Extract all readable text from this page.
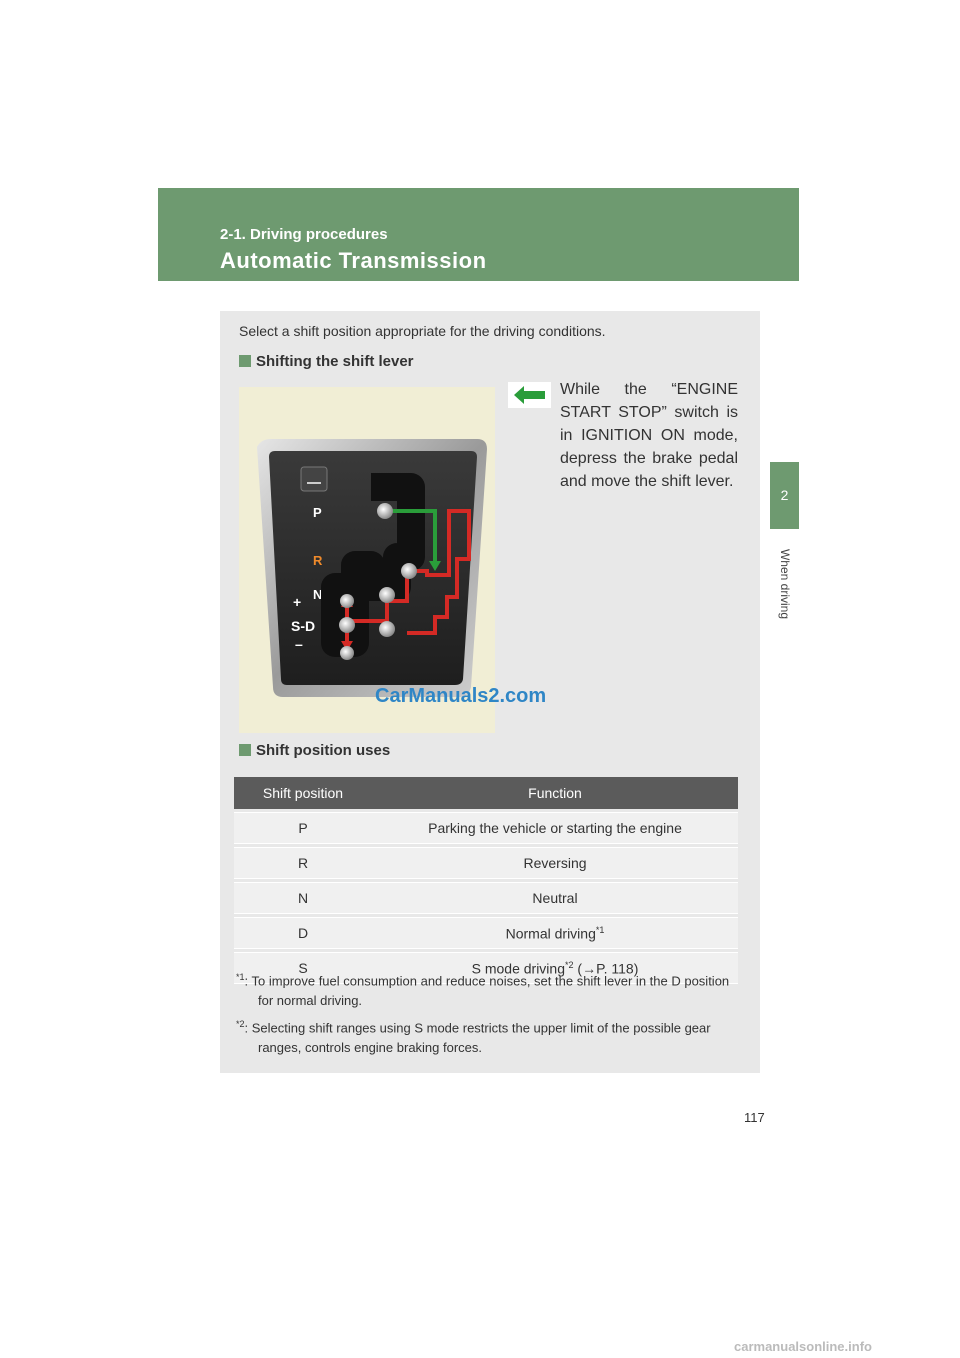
2-1. Driving procedures
Automatic Transmission
2
When driving
Select a shift position appropriate for the driving conditions.
Shifting the shift lever
P
R
N
+
S-D
–
CarManuals2.com
While the “ENGINE START STOP” switch is in IGNITION ON mode, depress the brake pedal and move the shift lever.
Shift position uses
Shift position	Function
P	Parking the vehicle or starting the engine
R	Reversing
N	Neutral
D	Normal driving$^{*1}$
S	S mode driving$^{*2}$ (→P. 118)
$^{*1}$: To improve fuel consumption and reduce noises, set the shift lever in the D position for normal driving.
$^{*2}$: Selecting shift ranges using S mode restricts the upper limit of the possible gear ranges, controls engine braking forces.
117
carmanualsonline.info
